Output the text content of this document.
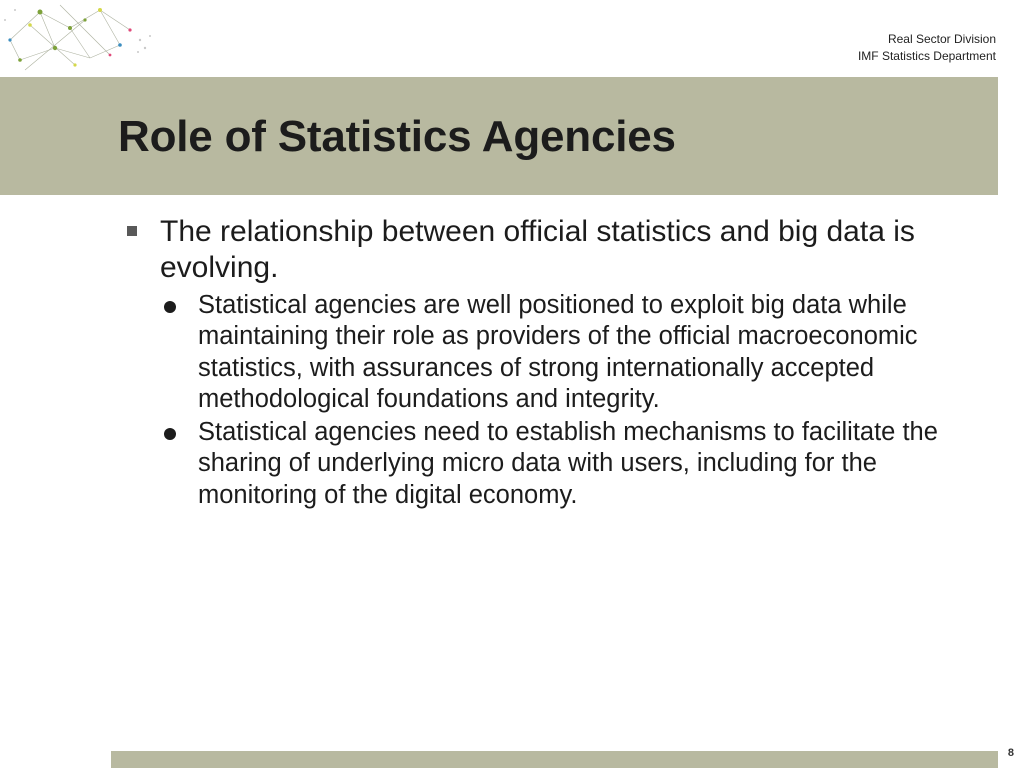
Real Sector Division
IMF Statistics Department
Role of Statistics Agencies
The relationship between official statistics and big data is evolving.
Statistical agencies are well positioned to exploit big data while maintaining their role as providers of the official macroeconomic statistics, with assurances of strong internationally accepted methodological foundations and integrity.
Statistical agencies need to establish mechanisms to facilitate the sharing of underlying micro data with users, including for the monitoring of the digital economy.
8
